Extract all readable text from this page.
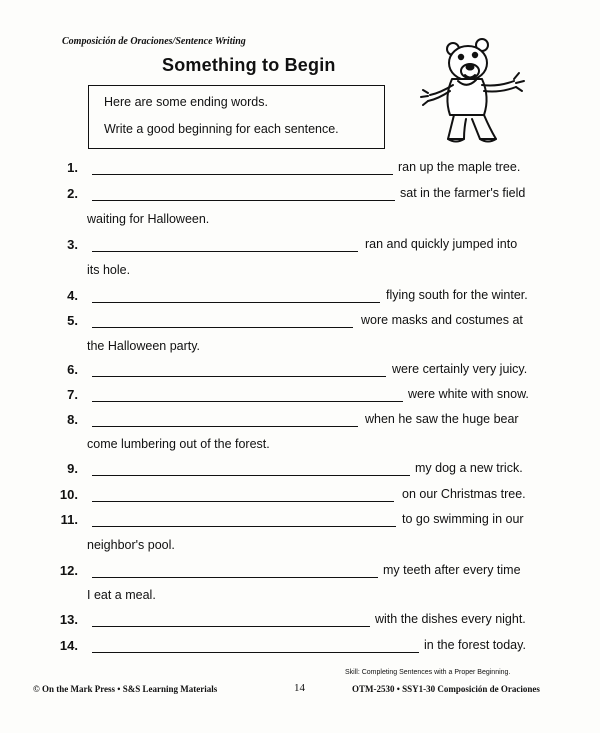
Composición de Oraciones/Sentence Writing
Something to Begin
Here are some ending words.
Write a good beginning for each sentence.
1.	ran up the maple tree.
2.	sat in the farmer's field
waiting for Halloween.
3.	ran and quickly jumped into
its hole.
4.	flying south for the winter.
5.	wore masks and costumes at
the Halloween party.
6.	were certainly very juicy.
7.	were white with snow.
8.	when he saw the huge bear
come lumbering out of the forest.
9.	my dog a new trick.
10.	on our Christmas tree.
11.	to go swimming in our
neighbor's pool.
12.	my teeth after every time
I eat a meal.
13.	with the dishes every night.
14.	in the forest today.
Skill: Completing Sentences with a Proper Beginning.
© On the Mark Press • S&S Learning Materials	14	OTM-2530 • SSY1-30 Composición de Oraciones
